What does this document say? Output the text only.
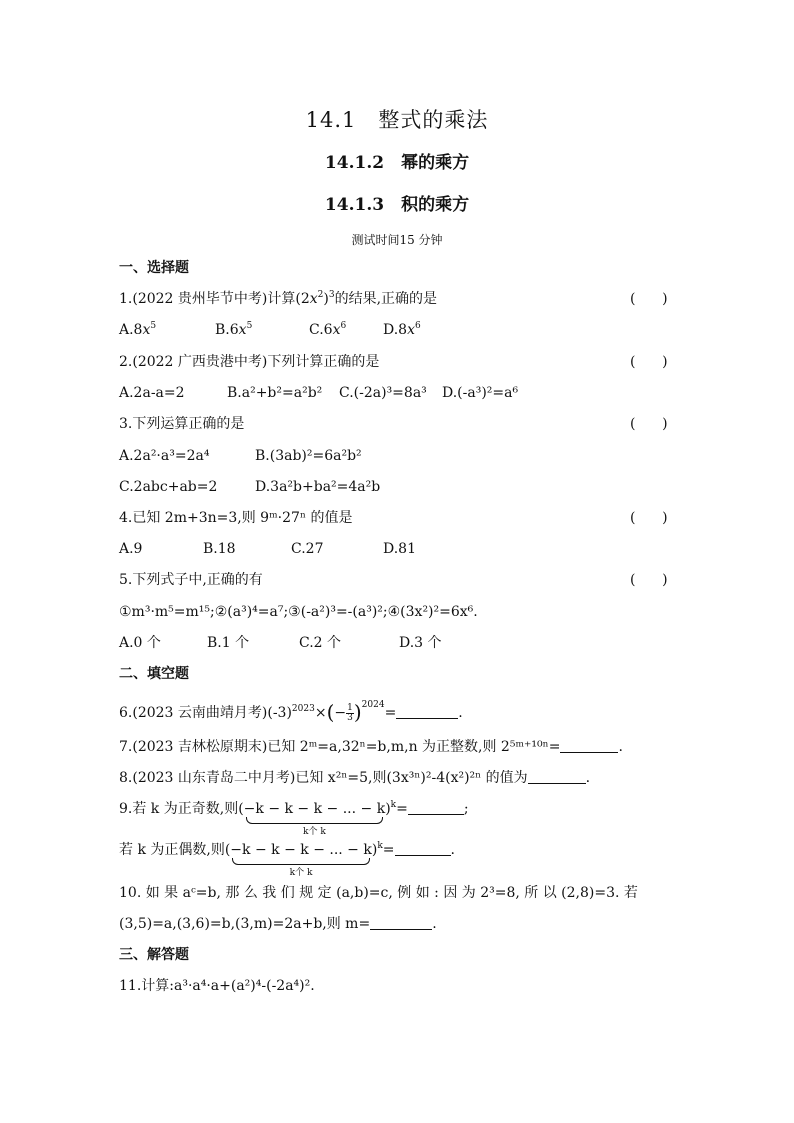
14.1　整式的乘法
14.1.2　幂的乘方
14.1.3　积的乘方
测试时间15 分钟
一、选择题
1.(2022 贵州毕节中考)计算$(2x^2)^3$的结果,正确的是	(      )
$A.8x^5$	$B.6x^5$	$C.6x^6$	$D.8x^6$
2.(2022 广西贵港中考)下列计算正确的是	(      )
A.2a-a=2	B.a²+b²=a²b² C.(-2a)³=8a³ D.(-a³)²=a⁶
3.下列运算正确的是	(      )
A.2a²·a³=2a⁴	B.(3ab)²=6a²b²
C.2abc+ab=2	D.3a²b+ba²=4a²b
4.已知 2m+3n=3,则 9ᵐ·27ⁿ 的值是	(      )
A.9	B.18	C.27	D.81
5.下列式子中,正确的有	(      )
①m³·m⁵=m¹⁵;②(a³)⁴=a⁷;③(-a²)³=-(a³)²;④(3x²)²=6x⁶.
A.0 个	B.1 个	C.2 个	D.3 个
二、填空题
6.(2023 云南曲靖月考)$(-3)^{2023}\times(- \frac{1}{3} )^{2024}=$	.
7.(2023 吉林松原期末)已知 2ᵐ=a,32ⁿ=b,m,n 为正整数,则 2⁵ᵐ⁺¹⁰ⁿ=	.
8.(2023 山东青岛二中月考)已知 x²ⁿ=5,则(3x³ⁿ)²-4(x²)²ⁿ 的值为	.
9.若 k 为正奇数,则(−k − k − k − ... − k
k个 k
)$^k$=	;
若 k 为正偶数,则(−k − k − k − ... − k
k个 k
)$^k$=	.
10. 如 果 aᶜ=b, 那 么 我 们 规 定 (a,b)=c, 例 如 : 因 为 2³=8, 所 以 (2,8)=3. 若
(3,5)=a,(3,6)=b,(3,m)=2a+b,则 m=	.
三、解答题
11.计算:a³·a⁴·a+(a²)⁴-(-2a⁴)².
